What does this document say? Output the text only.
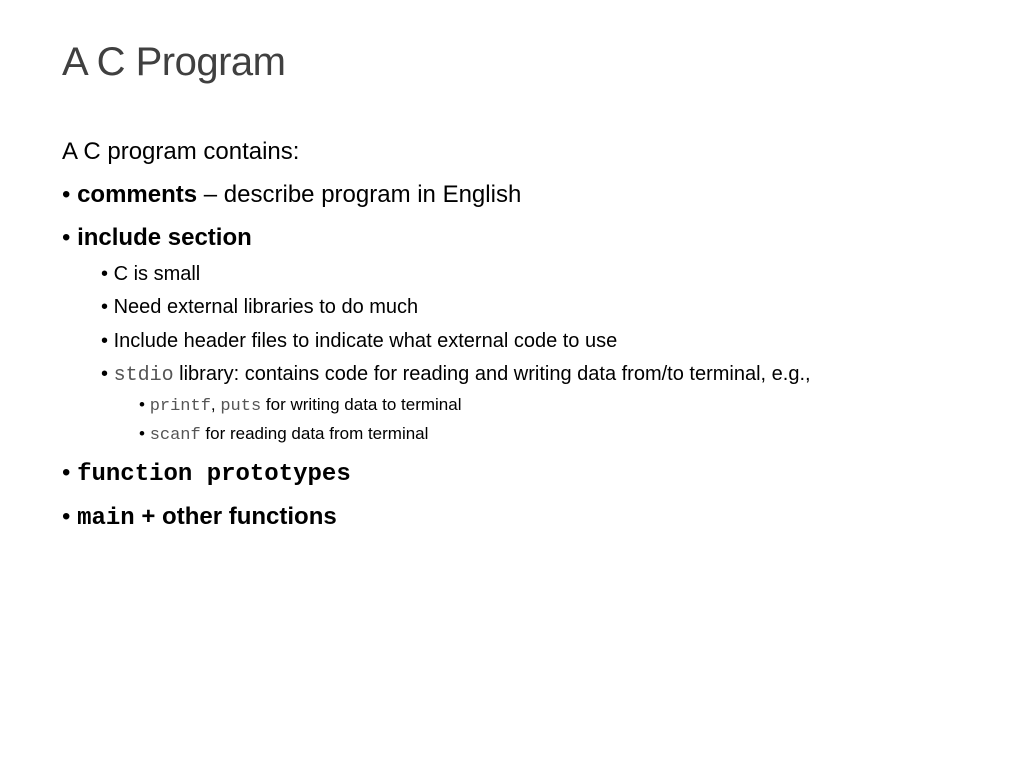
A C Program
A C program contains:
• comments – describe program in English
• include section
• C is small
• Need external libraries to do much
• Include header files to indicate what external code to use
• stdio library: contains code for reading and writing data from/to terminal, e.g.,
• printf, puts for writing data to terminal
• scanf for reading data from terminal
• function prototypes
• main + other functions
